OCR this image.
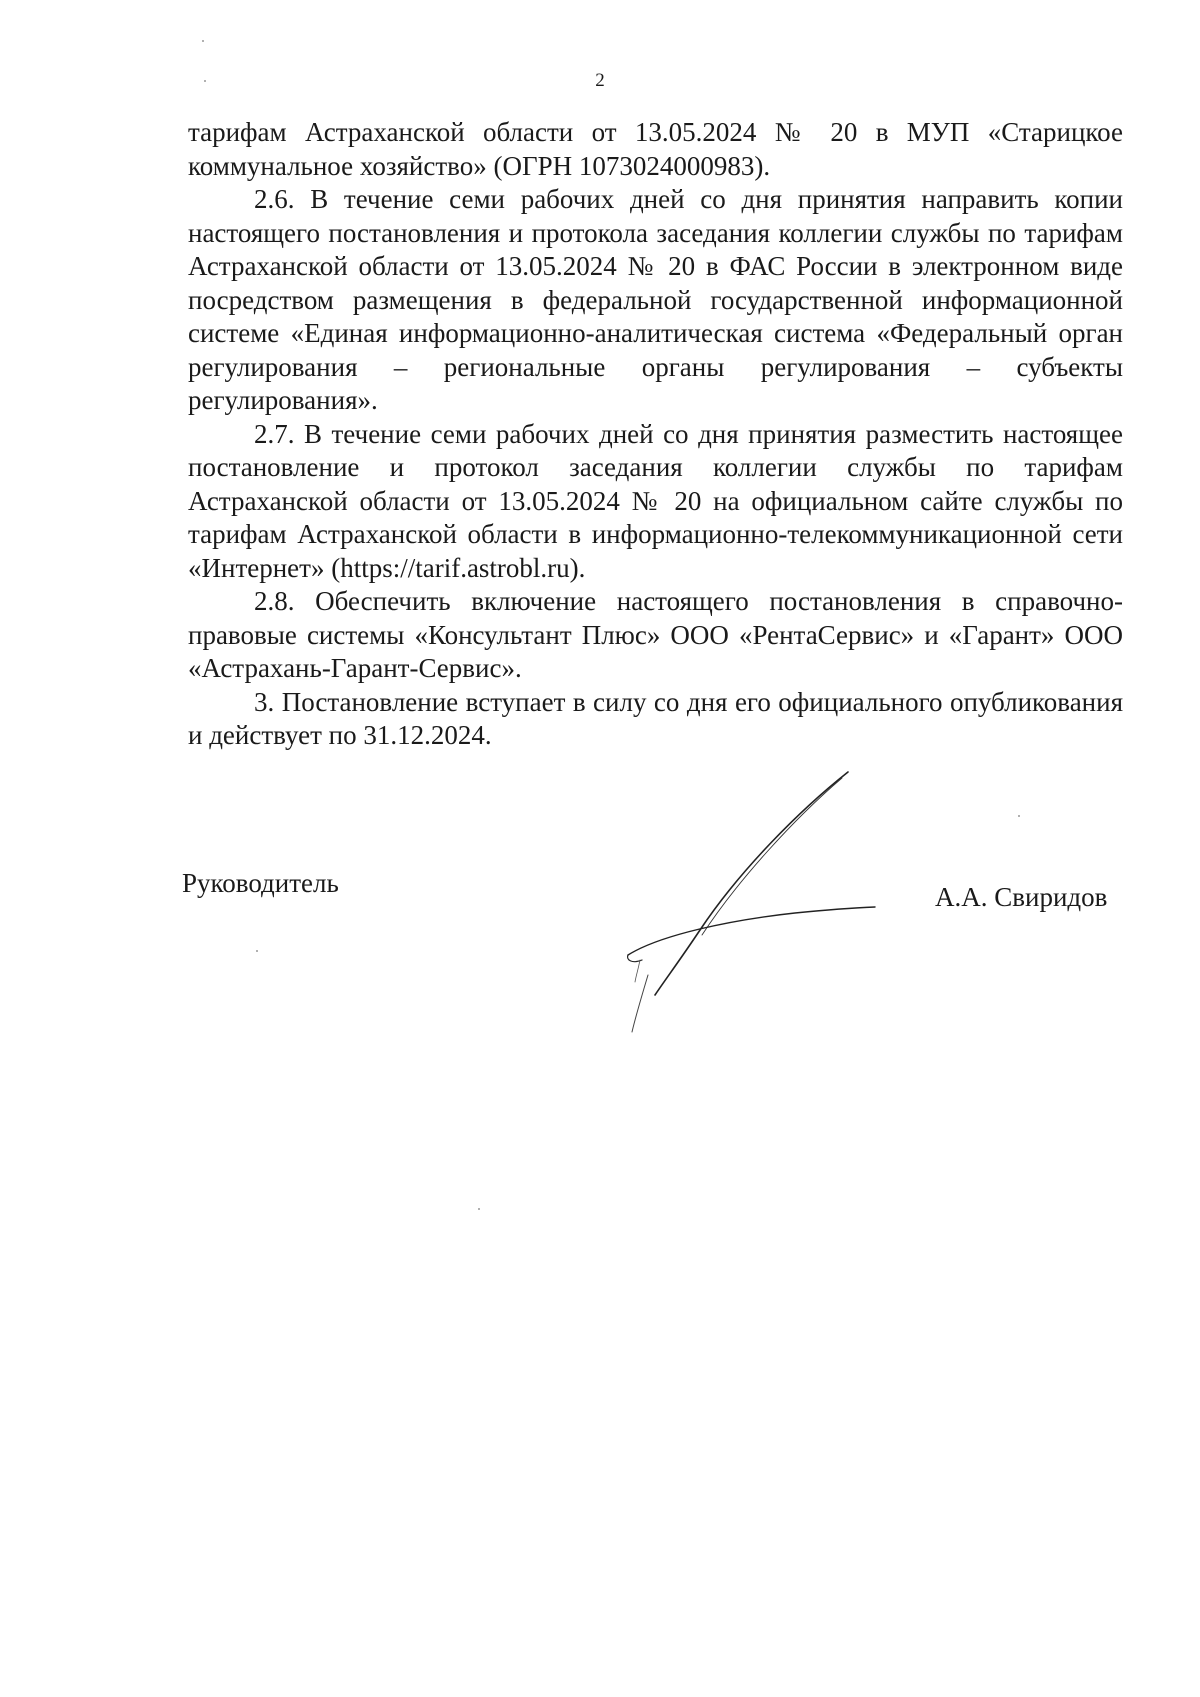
2

тарифам Астраханской области от 13.05.2024 № 20 в МУП «Старицкое коммунальное хозяйство» (ОГРН 1073024000983).

2.6. В течение семи рабочих дней со дня принятия направить копии настоящего постановления и протокола заседания коллегии службы по тарифам Астраханской области от 13.05.2024 № 20 в ФАС России в электронном виде посредством размещения в федеральной государственной информационной системе «Единая информационно-аналитическая система «Федеральный орган регулирования – региональные органы регулирования – субъекты регулирования».

2.7. В течение семи рабочих дней со дня принятия разместить настоящее постановление и протокол заседания коллегии службы по тарифам Астраханской области от 13.05.2024 № 20 на официальном сайте службы по тарифам Астраханской области в информационно-телекоммуникационной сети «Интернет» (https://tarif.astrobl.ru).

2.8. Обеспечить включение настоящего постановления в справочно-правовые системы «Консультант Плюс» ООО «РентаСервис» и «Гарант» ООО «Астрахань-Гарант-Сервис».

3. Постановление вступает в силу со дня его официального опубликования и действует по 31.12.2024.

Руководитель	А.А. Свиридов
